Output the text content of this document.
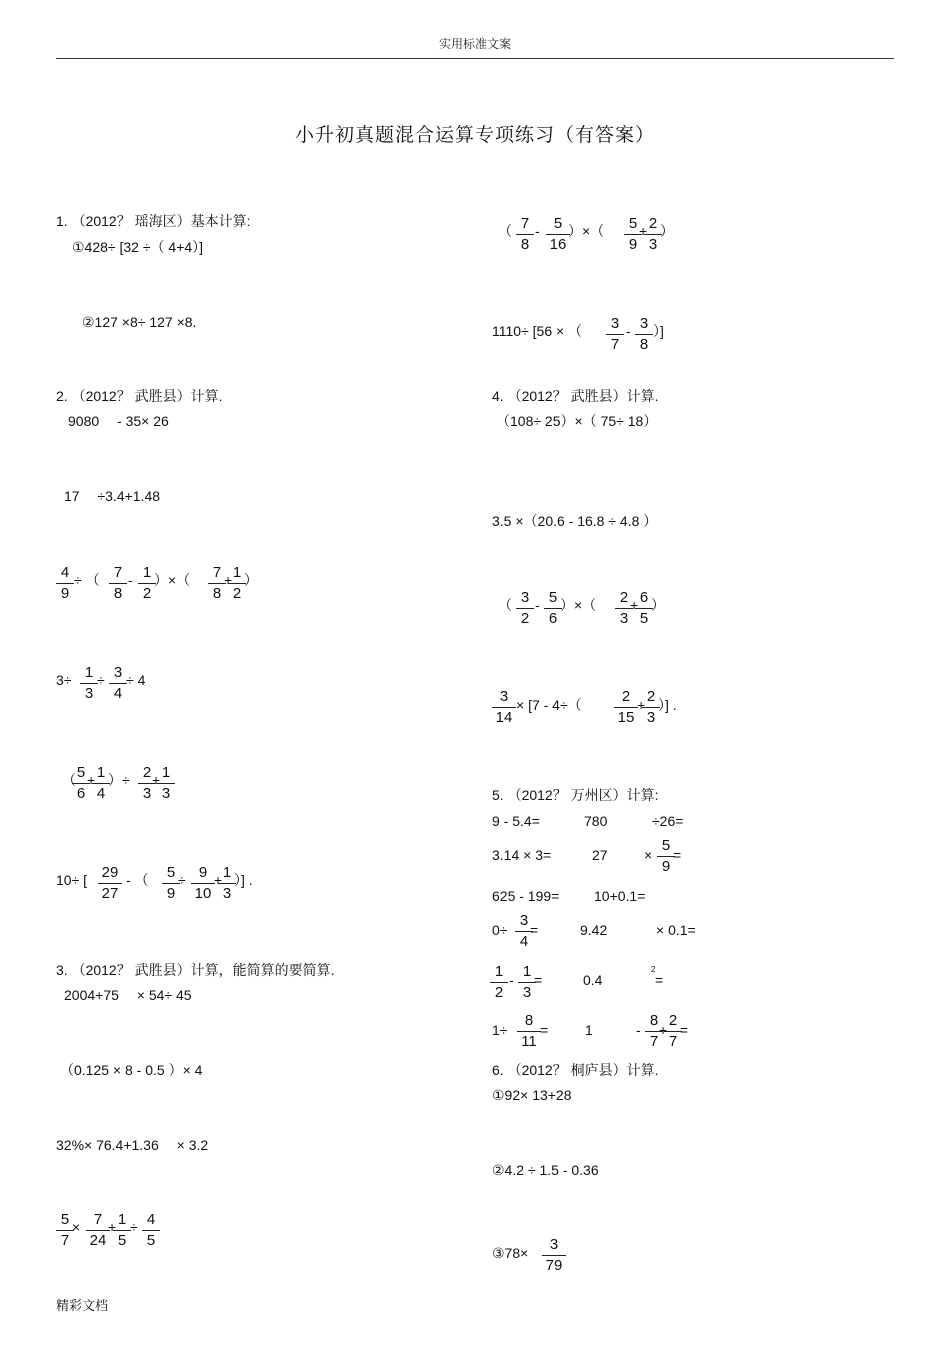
实用标准文案
小升初真题混合运算专项练习（有答案）
1. （2012？ 瑶海区）基本计算:
①428÷ [32 ÷（ 4+4）]
②127 ×8÷ 127 ×8.
2. （2012？ 武胜县）计算.
9080 　- 35× 26
17 　÷3.4+1.48
4
9
÷ （ 7
8
- 1
2
）×（	7
8
+ 1
2
）
3÷ 1
3
÷ 3
4
÷ 4
（ 5
6
+ 1
4
）÷ 2
3
+ 1
3
10÷ [ 29
27
- （	5
9
÷ 9
10
+ 1
3
）] .
3. （2012？ 武胜县）计算，能简算的要简算.
2004+75 　× 54÷ 45
（0.125 × 8 - 0.5 ）× 4
32%× 76.4+1.36 　× 3.2
5
7
× 7
24
+ 1
5
÷ 4
5
（ 7
8
- 5
16
）×（	5
9
+ 2
3
）
1110÷ [56 × （	3
7
- 3
8
）]
4. （2012？ 武胜县）计算.
（108÷ 25）×（ 75÷ 18）
3.5 ×（20.6 - 16.8 ÷ 4.8 ）
（ 3
2
- 5
6
）×（	2
3
+ 6
5
）
3
14
× [7 - 4÷（	2
15
+ 2
3
）] .
5. （2012？ 万州区）计算:
9 - 5.4=	780	÷26=
3.14 × 3=	27	×
5
9
=
625 - 199= 10+0.1=
0÷
3
4
=	9.42	× 0.1=
1
2
- 1
3
=	0.4
2
=
1÷
8
11
=	1	-
8
7
+
2
7
=
6. （2012？ 桐庐县）计算.
①92× 13+28
②4.2 ÷ 1.5 - 0.36
③78×	3
79
精彩文档
